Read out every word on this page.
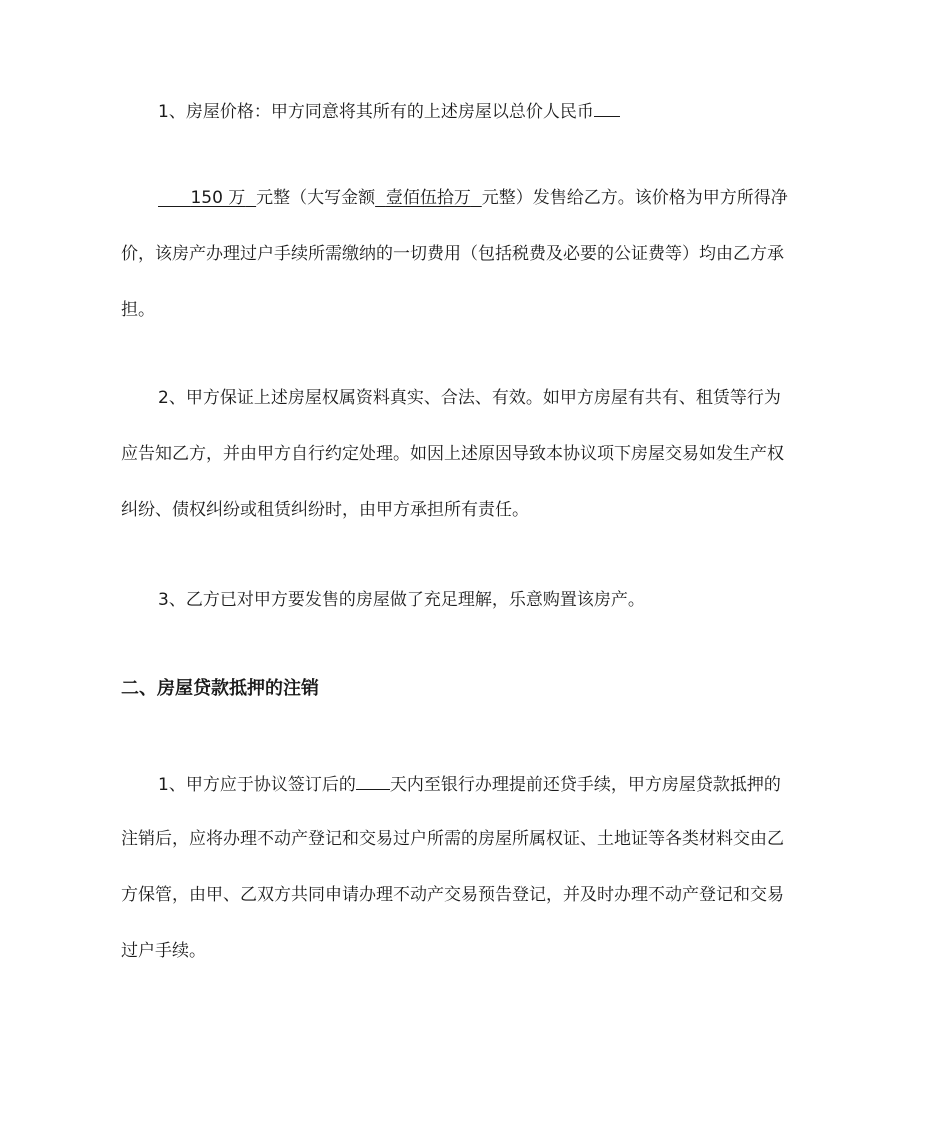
1、房屋价格：甲方同意将其所有的上述房屋以总价人民币
150 万 元整（大写金额 壹佰伍拾万 元整）发售给乙方。该价格为甲方所得净
价，该房产办理过户手续所需缴纳的一切费用（包括税费及必要的公证费等）均由乙方承
担。
2、甲方保证上述房屋权属资料真实、合法、有效。如甲方房屋有共有、租赁等行为
应告知乙方，并由甲方自行约定处理。如因上述原因导致本协议项下房屋交易如发生产权
纠纷、债权纠纷或租赁纠纷时，由甲方承担所有责任。
3、乙方已对甲方要发售的房屋做了充足理解，乐意购置该房产。
二、房屋贷款抵押的注销
1、甲方应于协议签订后的 天内至银行办理提前还贷手续，甲方房屋贷款抵押的
注销后，应将办理不动产登记和交易过户所需的房屋所属权证、土地证等各类材料交由乙
方保管，由甲、乙双方共同申请办理不动产交易预告登记，并及时办理不动产登记和交易
过户手续。
